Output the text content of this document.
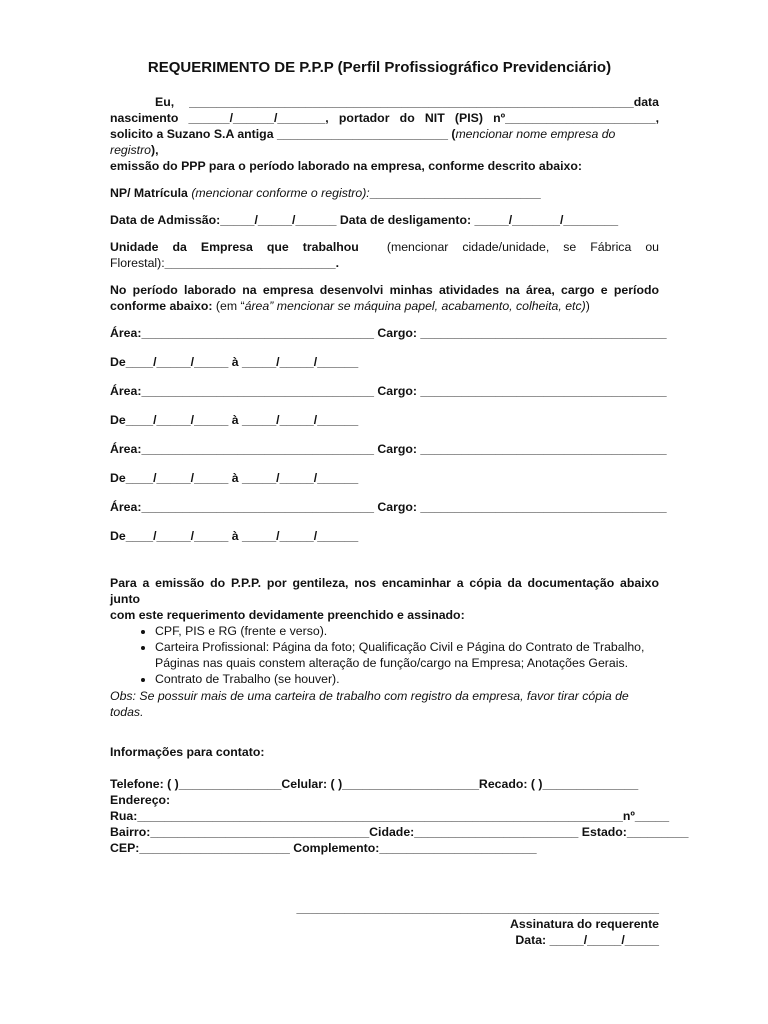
REQUERIMENTO DE P.P.P (Perfil Profissiográfico Previdenciário)
Eu, _________________________________________________________________data
nascimento ______/______/_______, portador do NIT (PIS) nº______________________,
solicito a Suzano S.A antiga _________________________ (mencionar nome empresa do registro),
emissão do PPP para o período laborado na empresa, conforme descrito abaixo:
NP/ Matrícula (mencionar conforme o registro):_________________________
Data de Admissão:_____/_____/______ Data de desligamento: _____/_______/________
Unidade da Empresa que trabalhou  (mencionar cidade/unidade, se Fábrica ou
Florestal):_________________________.
No período laborado na empresa desenvolvi minhas atividades na área, cargo e período
conforme abaixo: (em “área” mencionar se máquina papel, acabamento, colheita, etc))
Área:__________________________________ Cargo: ____________________________________
De____/_____/_____ à _____/_____/______
Área:__________________________________ Cargo: ____________________________________
De____/_____/_____ à _____/_____/______
Área:__________________________________ Cargo: ____________________________________
De____/_____/_____ à _____/_____/______
Área:__________________________________ Cargo: ____________________________________
De____/_____/_____ à _____/_____/______
Para a emissão do P.P.P. por gentileza, nos encaminhar a cópia da documentação abaixo junto
com este requerimento devidamente preenchido e assinado:
• CPF, PIS e RG (frente e verso).
• Carteira Profissional: Página da foto; Qualificação Civil e Página do Contrato de Trabalho, Páginas nas quais constem alteração de função/cargo na Empresa; Anotações Gerais.
• Contrato de Trabalho (se houver).
Obs: Se possuir mais de uma carteira de trabalho com registro da empresa, favor tirar cópia de todas.
Informações para contato:
Telefone: ( )_______________Celular: ( )____________________Recado: ( )______________
Endereço:
Rua:_______________________________________________________________________nº_____
Bairro:________________________________Cidade:________________________ Estado:_________
CEP:______________________ Complemento:_______________________
_____________________________________________________
Assinatura do requerente
Data: _____/_____/_____
